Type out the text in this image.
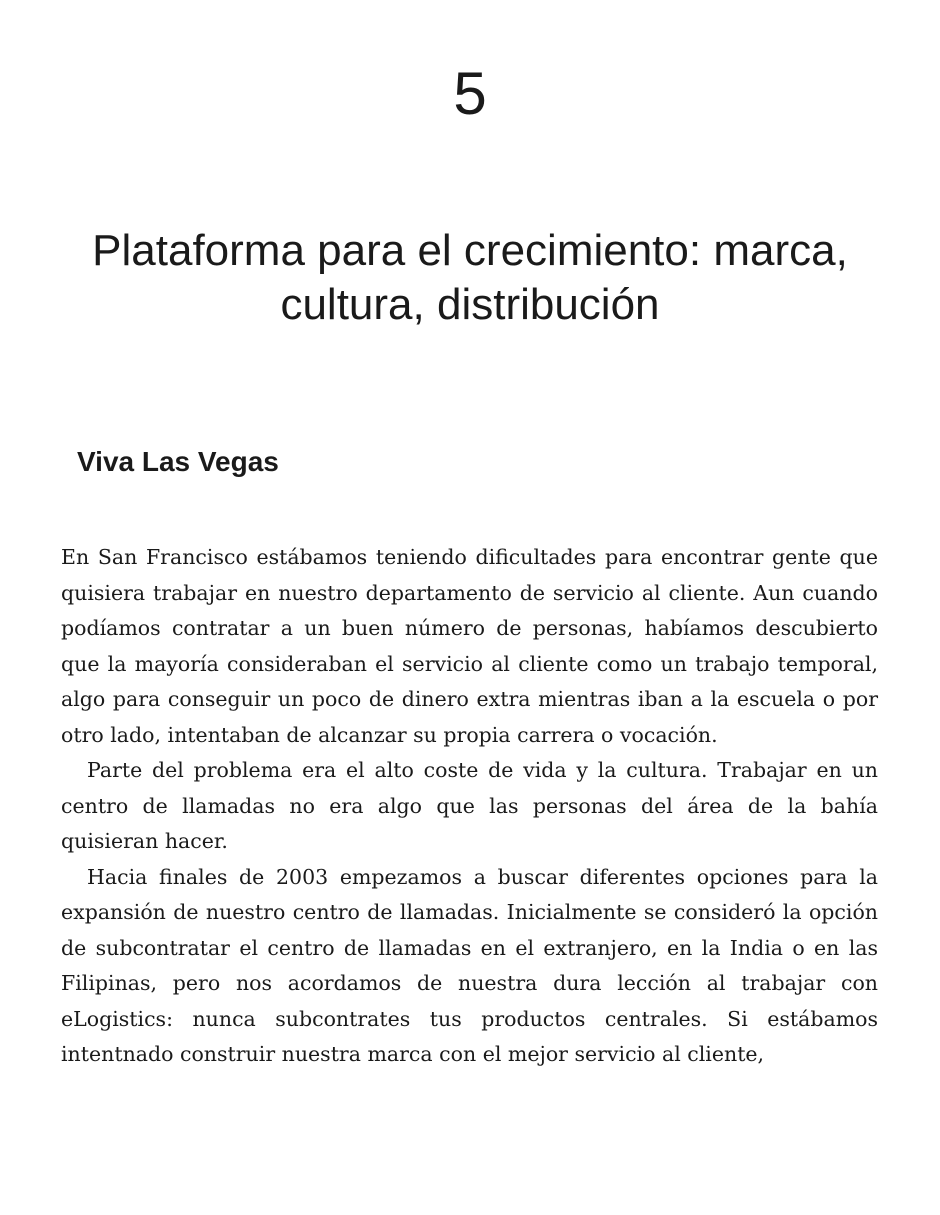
5
Plataforma para el crecimiento: marca, cultura, distribución
Viva Las Vegas

En San Francisco estábamos teniendo dificultades para encontrar gente que quisiera trabajar en nuestro departamento de servicio al cliente. Aun cuando podíamos contratar a un buen número de personas, habíamos descubierto que la mayoría consideraban el servicio al cliente como un trabajo temporal, algo para conseguir un poco de dinero extra mientras iban a la escuela o por otro lado, intentaban de alcanzar su propia carrera o vocación.

Parte del problema era el alto coste de vida y la cultura. Trabajar en un centro de llamadas no era algo que las personas del área de la bahía quisieran hacer.

Hacia finales de 2003 empezamos a buscar diferentes opciones para la expansión de nuestro centro de llamadas. Inicialmente se consideró la opción de subcontratar el centro de llamadas en el extranjero, en la India o en las Filipinas, pero nos acordamos de nuestra dura lección al trabajar con eLogistics: nunca subcontrates tus productos centrales. Si estábamos intentnado construir nuestra marca con el mejor servicio al cliente,
